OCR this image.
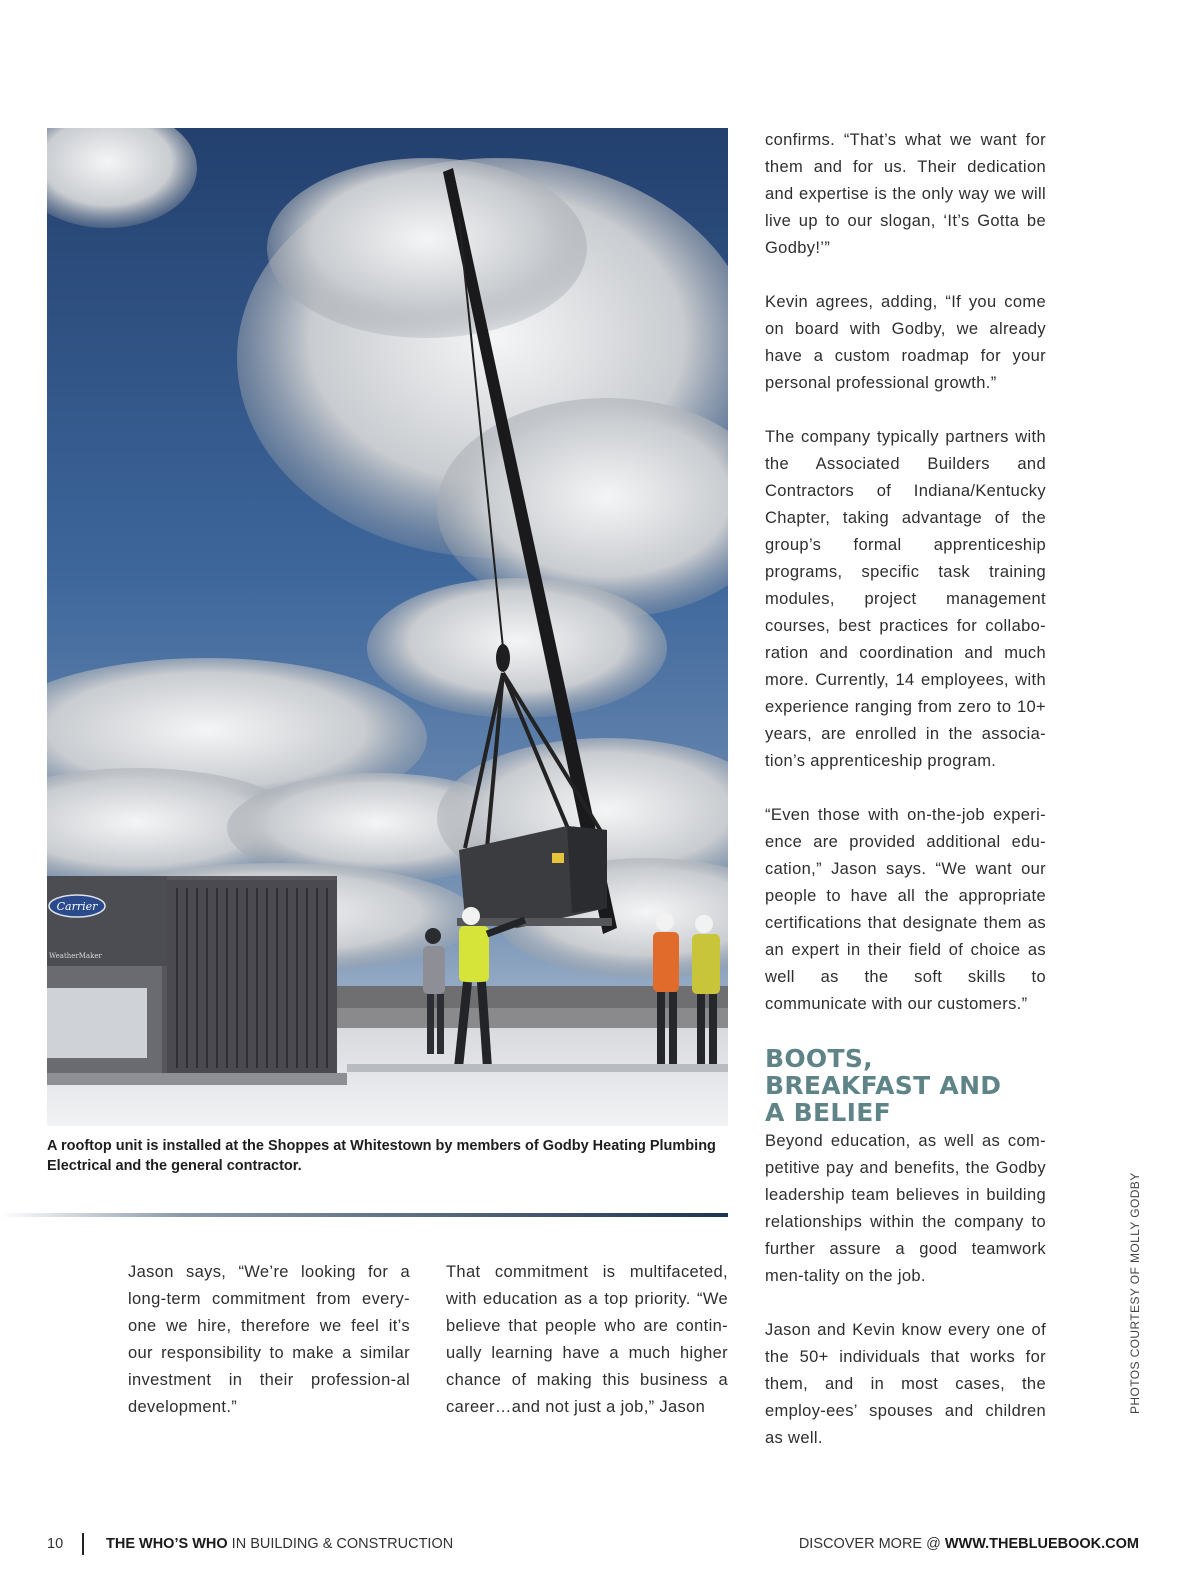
Carrier
WeatherMaker
A rooftop unit is installed at the Shoppes at Whitestown by members of Godby Heating Plumbing Electrical and the general contractor.

Jason says, “We’re looking for a long-term commitment from every-one we hire, therefore we feel it’s our responsibility to make a similar investment in their profession-al development.”

That commitment is multifaceted, with education as a top priority. “We believe that people who are contin-ually learning have a much higher chance of making this business a career…and not just a job,” Jason

confirms. “That’s what we want for them and for us. Their dedication and expertise is the only way we will live up to our slogan, ‘It’s Gotta be Godby!’”

Kevin agrees, adding, “If you come on board with Godby, we already have a custom roadmap for your personal professional growth.”

The company typically partners with the Associated Builders and Contractors of Indiana/Kentucky Chapter, taking advantage of the group’s formal apprenticeship programs, specific task training modules, project management courses, best practices for collabo-ration and coordination and much more. Currently, 14 employees, with experience ranging from zero to 10+ years, are enrolled in the associa-tion’s apprenticeship program.

“Even those with on-the-job experi-ence are provided additional edu-cation,” Jason says. “We want our people to have all the appropriate certifications that designate them as an expert in their field of choice as well as the soft skills to communicate with our customers.”

BOOTS,
BREAKFAST AND
A BELIEF

Beyond education, as well as com-petitive pay and benefits, the Godby leadership team believes in building relationships within the company to further assure a good teamwork men-tality on the job.

Jason and Kevin know every one of the 50+ individuals that works for them, and in most cases, the employ-ees’ spouses and children as well.

PHOTOS COURTESY OF MOLLY GODBY
10	THE WHO’S WHO IN BUILDING & CONSTRUCTION	DISCOVER MORE @ WWW.THEBLUEBOOK.COM
